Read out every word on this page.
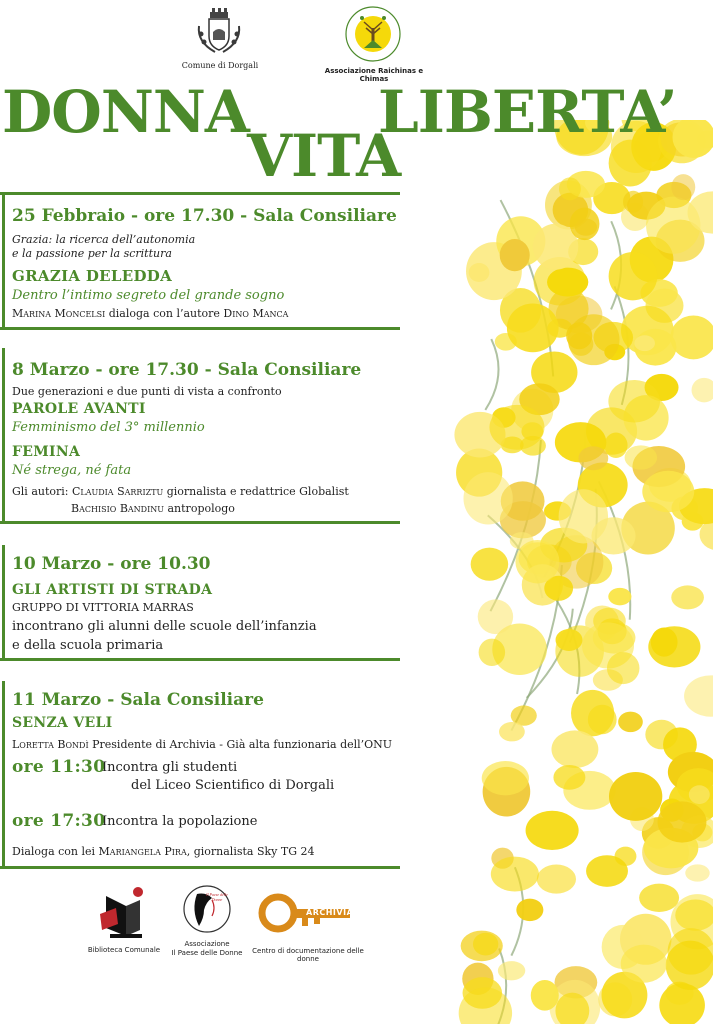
Comune di Dorgali
Associazione Raichinas e Chimas
DONNA
VITA
LIBERTA’
25 Febbraio - ore 17.30 - Sala Consiliare
Grazia: la ricerca dell’autonomia
e la passione per la scrittura
GRAZIA DELEDDA
Dentro l’intimo segreto del grande sogno
Marina Moncelsi dialoga con l’autore Dino Manca
8 Marzo - ore 17.30 - Sala Consiliare
Due generazioni e due punti di vista a confronto
PAROLE AVANTI
Femminismo del 3° millennio
FEMINA
Né strega, né fata
Gli autori: Claudia Sarriztu giornalista e redattrice Globalist
Bachisio Bandinu antropologo
10 Marzo - ore 10.30
GLI ARTISTI DI STRADA
GRUPPO DI VITTORIA MARRAS
incontrano gli alunni delle scuole dell’infanzia
e della scuola primaria
11 Marzo - Sala Consiliare
SENZA VELI
Loretta Bondì Presidente di Archivia - Già alta funzionaria dell’ONU
ore 11:30
Incontra gli studenti
del Liceo Scientifico di Dorgali
ore 17:30
Incontra la popolazione
Dialoga con lei Mariangela Pira, giornalista Sky TG 24
Biblioteca Comunale
Il Paese delle Donne
Associazione
Il Paese delle Donne
ARCHIVIA
Centro di documentazione delle donne
